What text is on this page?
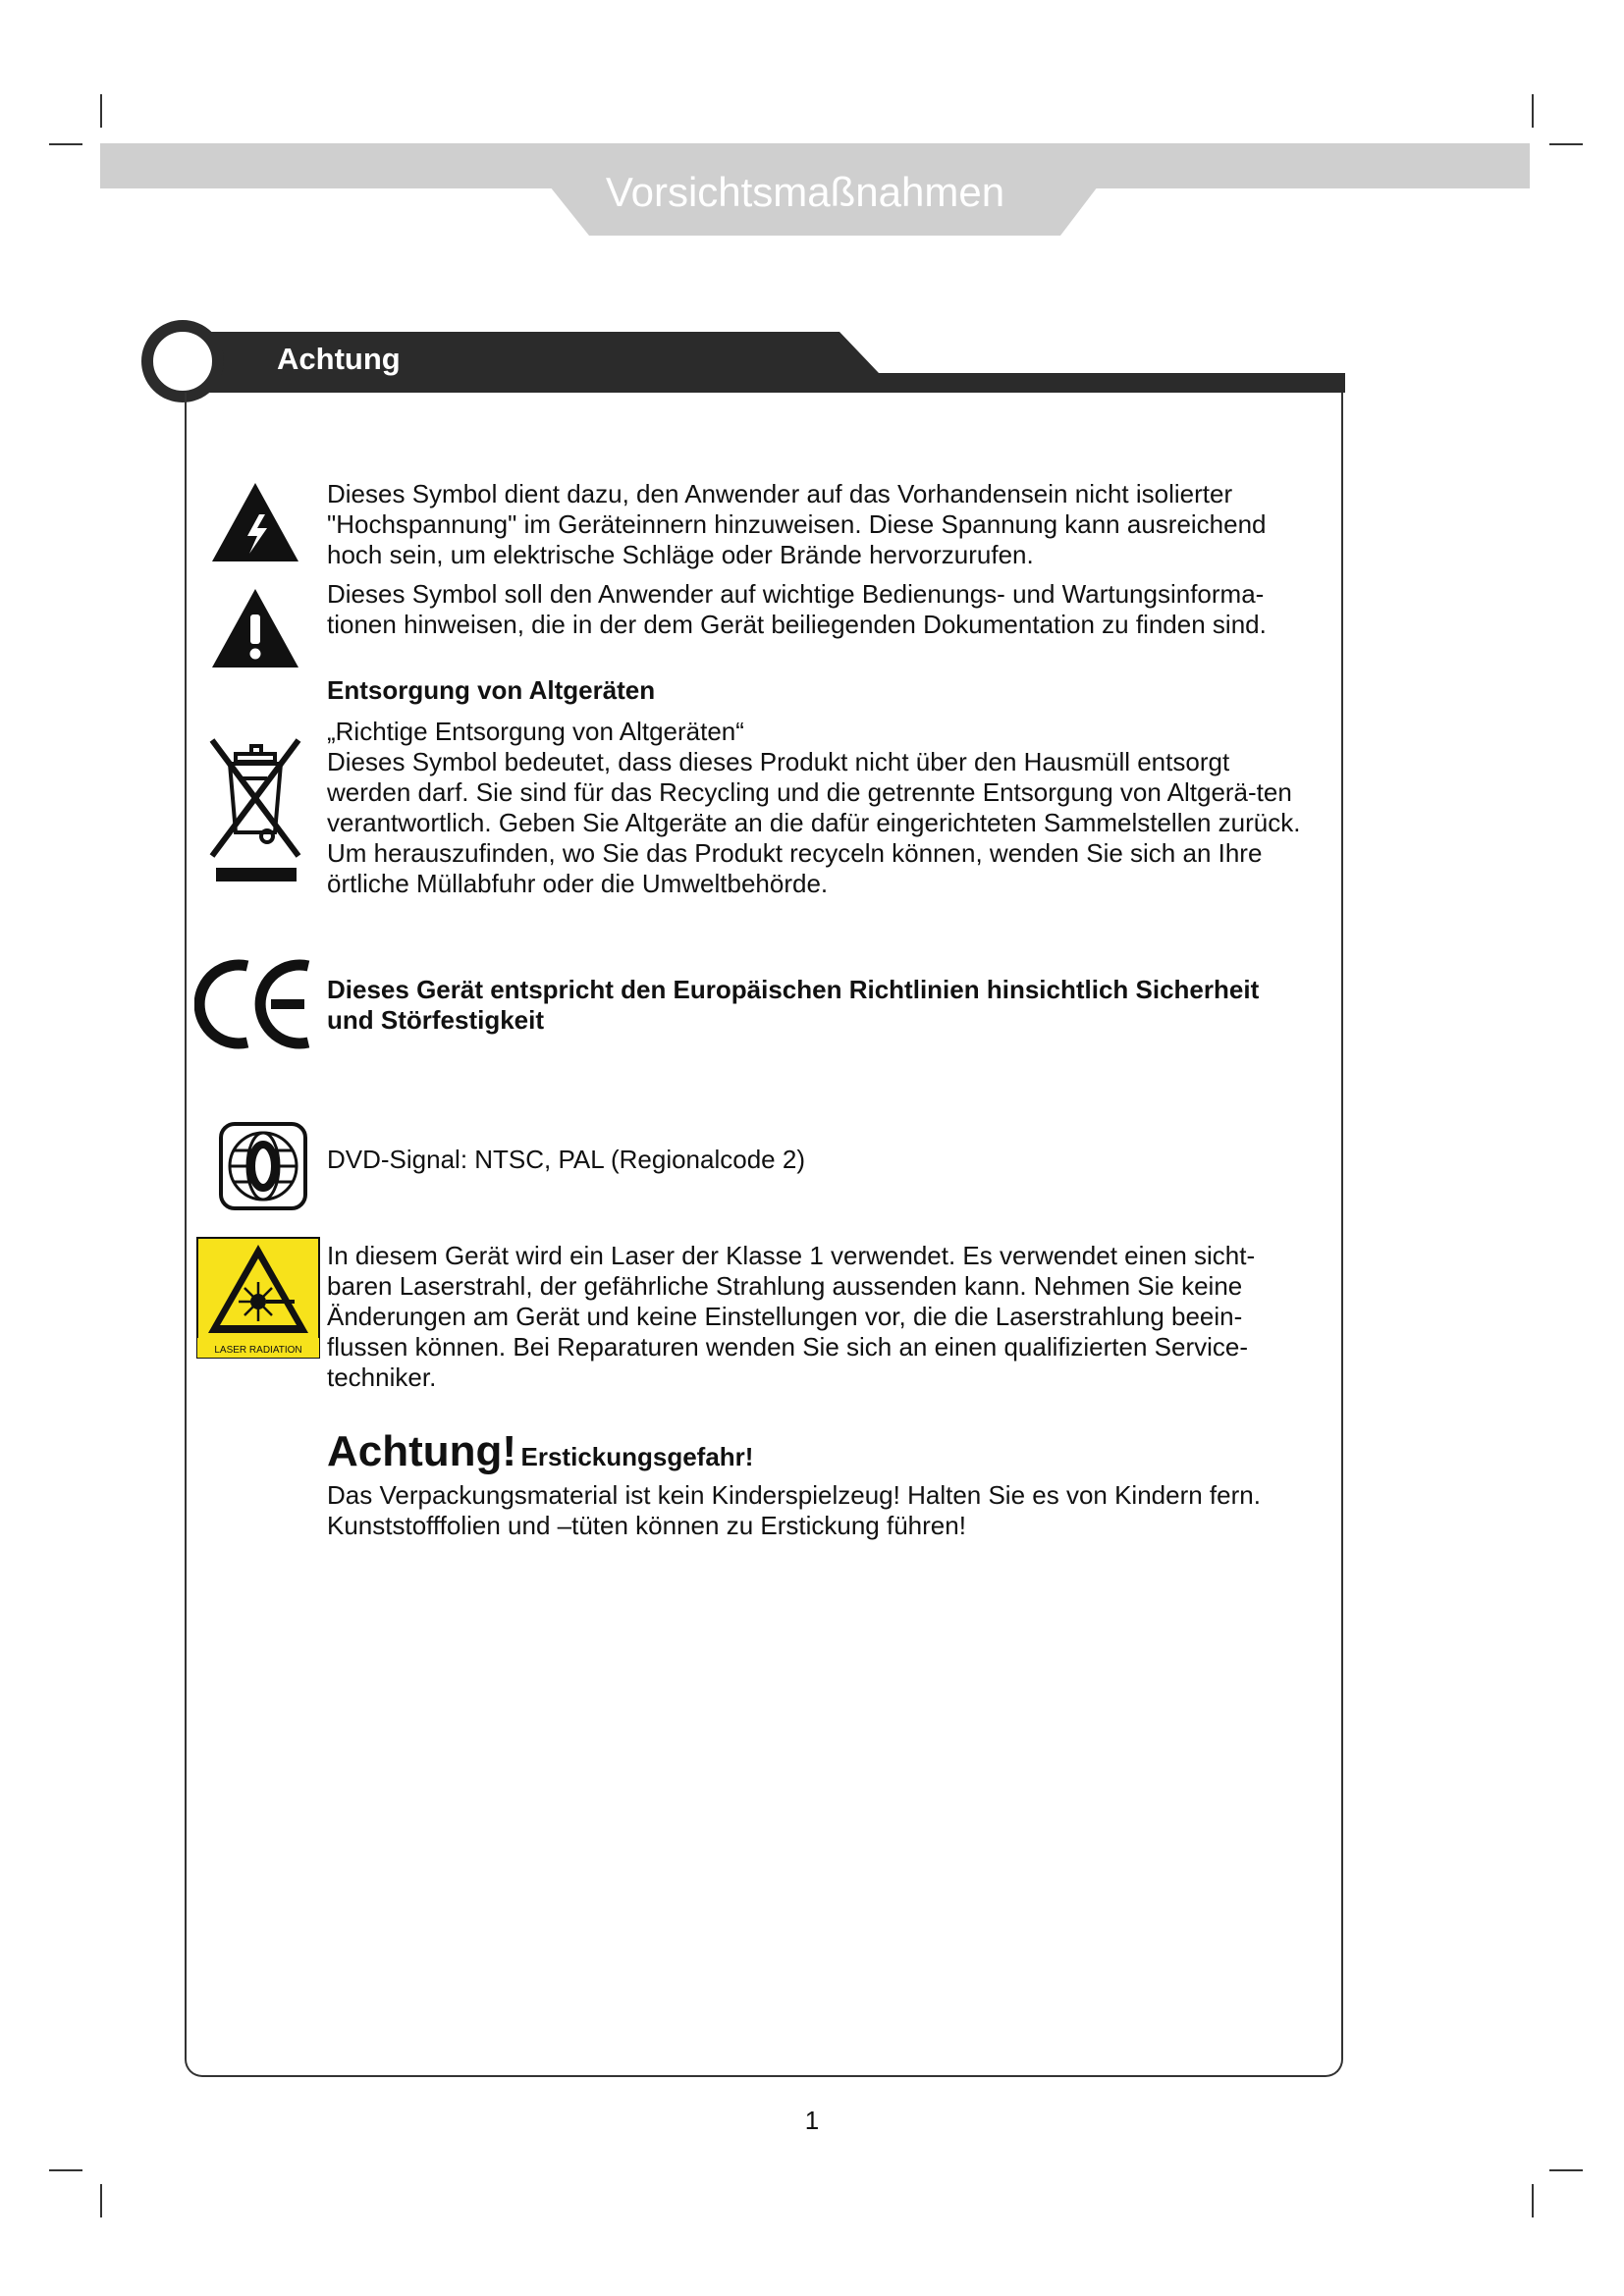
Vorsichtsmaßnahmen
Achtung
Dieses Symbol dient dazu, den Anwender auf das Vorhandensein nicht isolierter "Hochspannung" im Geräteinnern hinzuweisen. Diese Spannung kann ausreichend hoch sein, um elektrische Schläge oder Brände hervorzurufen.
Dieses Symbol soll den Anwender auf wichtige Bedienungs- und Wartungsinforma-tionen hinweisen, die in der dem Gerät beiliegenden Dokumentation zu finden sind.
Entsorgung von Altgeräten
„Richtige Entsorgung von Altgeräten“
Dieses Symbol bedeutet, dass dieses Produkt nicht über den Hausmüll entsorgt werden darf. Sie sind für das Recycling und die getrennte Entsorgung von Altgerä-ten verantwortlich. Geben Sie Altgeräte an die dafür eingerichteten Sammelstellen zurück. Um herauszufinden, wo Sie das Produkt recyceln können, wenden Sie sich an Ihre örtliche Müllabfuhr oder die Umweltbehörde.
Dieses Gerät entspricht den Europäischen Richtlinien hinsichtlich Sicherheit und Störfestigkeit
DVD-Signal: NTSC, PAL (Regionalcode 2)
LASER RADIATION
In diesem Gerät wird ein Laser der Klasse 1 verwendet. Es verwendet einen sicht-baren Laserstrahl, der gefährliche Strahlung aussenden kann. Nehmen Sie keine Änderungen am Gerät und keine Einstellungen vor, die die Laserstrahlung beein-flussen können. Bei Reparaturen wenden Sie sich an einen qualifizierten Service-techniker.
Achtung! Erstickungsgefahr!
Das Verpackungsmaterial ist kein Kinderspielzeug! Halten Sie es von Kindern fern. Kunststofffolien und –tüten können zu Erstickung führen!
1
